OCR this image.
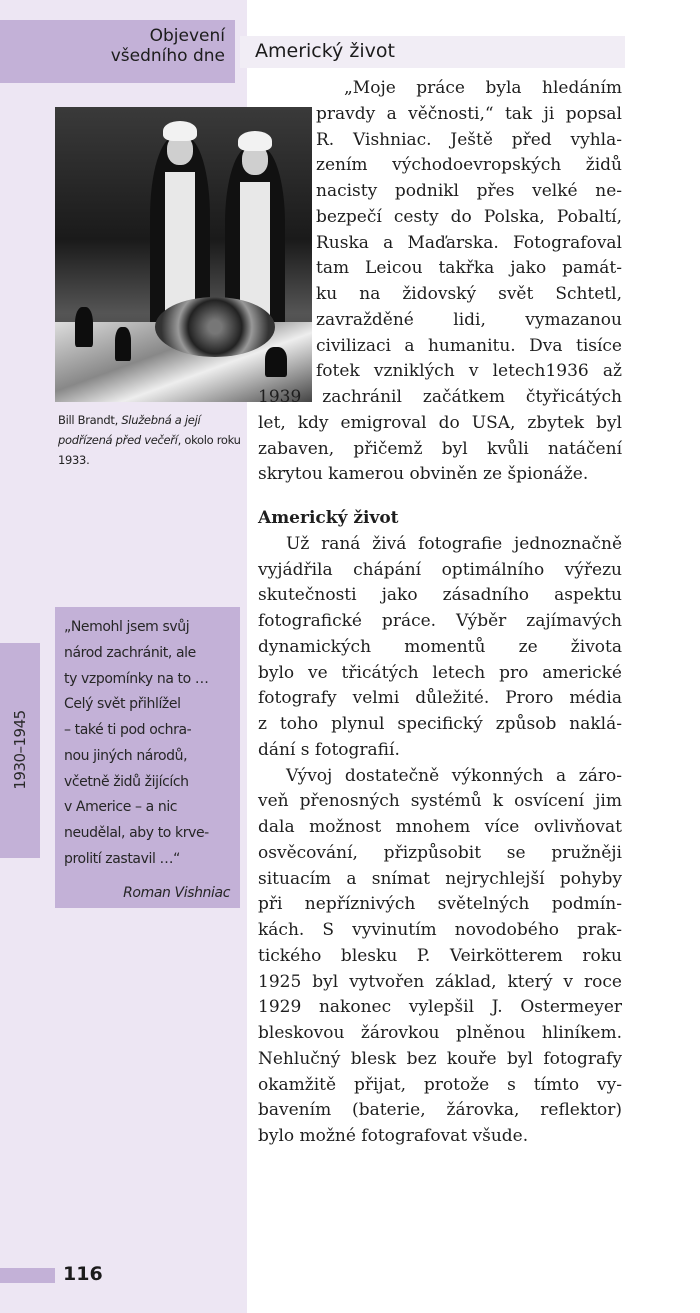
Objevení
všedního dne Americký život
Bill Brandt, Služebná a její podřízená před večeří, okolo roku 1933.
1930–1945
„Nemohl jsem svůj
národ zachránit, ale
ty vzpomínky na to …
Celý svět přihlížel
– také ti pod ochra-
nou jiných národů,
včetně židů žijících
v Americe – a nic
neudělal, aby to krve-
prolití zastavil …“
Roman Vishniac
„Moje práce byla hledáním
pravdy a věčnosti,“ tak ji popsal
R. Vishniac. Ještě před vyhla-
zením východoevropských židů
nacisty podnikl přes velké ne-
bezpečí cesty do Polska, Pobaltí,
Ruska a Maďarska. Fotografoval
tam Leicou takřka jako památ-
ku na židovský svět Schtetl,
zavražděné lidi, vymazanou
civilizaci a humanitu. Dva tisíce
fotek vzniklých v letech1936 až
1939 zachránil začátkem čtyřicátých
let, kdy emigroval do USA, zbytek byl
zabaven, přičemž byl kvůli natáčení
skrytou kamerou obviněn ze špionáže.
Americký život
Už raná živá fotografie jednoznačně
vyjádřila chápání optimálního výřezu
skutečnosti jako zásadního aspektu
fotografické práce. Výběr zajímavých
dynamických momentů ze života
bylo ve třicátých letech pro americké
fotografy velmi důležité. Proro média
z toho plynul specifický způsob naklá-
dání s fotografií.
Vývoj dostatečně výkonných a záro-
veň přenosných systémů k osvícení jim
dala možnost mnohem více ovlivňovat
osvěcování, přizpůsobit se pružněji
situacím a snímat nejrychlejší pohyby
při nepříznivých světelných podmín-
kách. S vyvinutím novodobého prak-
tického blesku P. Veirkötterem roku
1925 byl vytvořen základ, který v roce
1929 nakonec vylepšil J. Ostermeyer
bleskovou žárovkou plněnou hliníkem.
Nehlučný blesk bez kouře byl fotografy
okamžitě přijat, protože s tímto vy-
bavením (baterie, žárovka, reflektor)
bylo možné fotografovat všude.
116
